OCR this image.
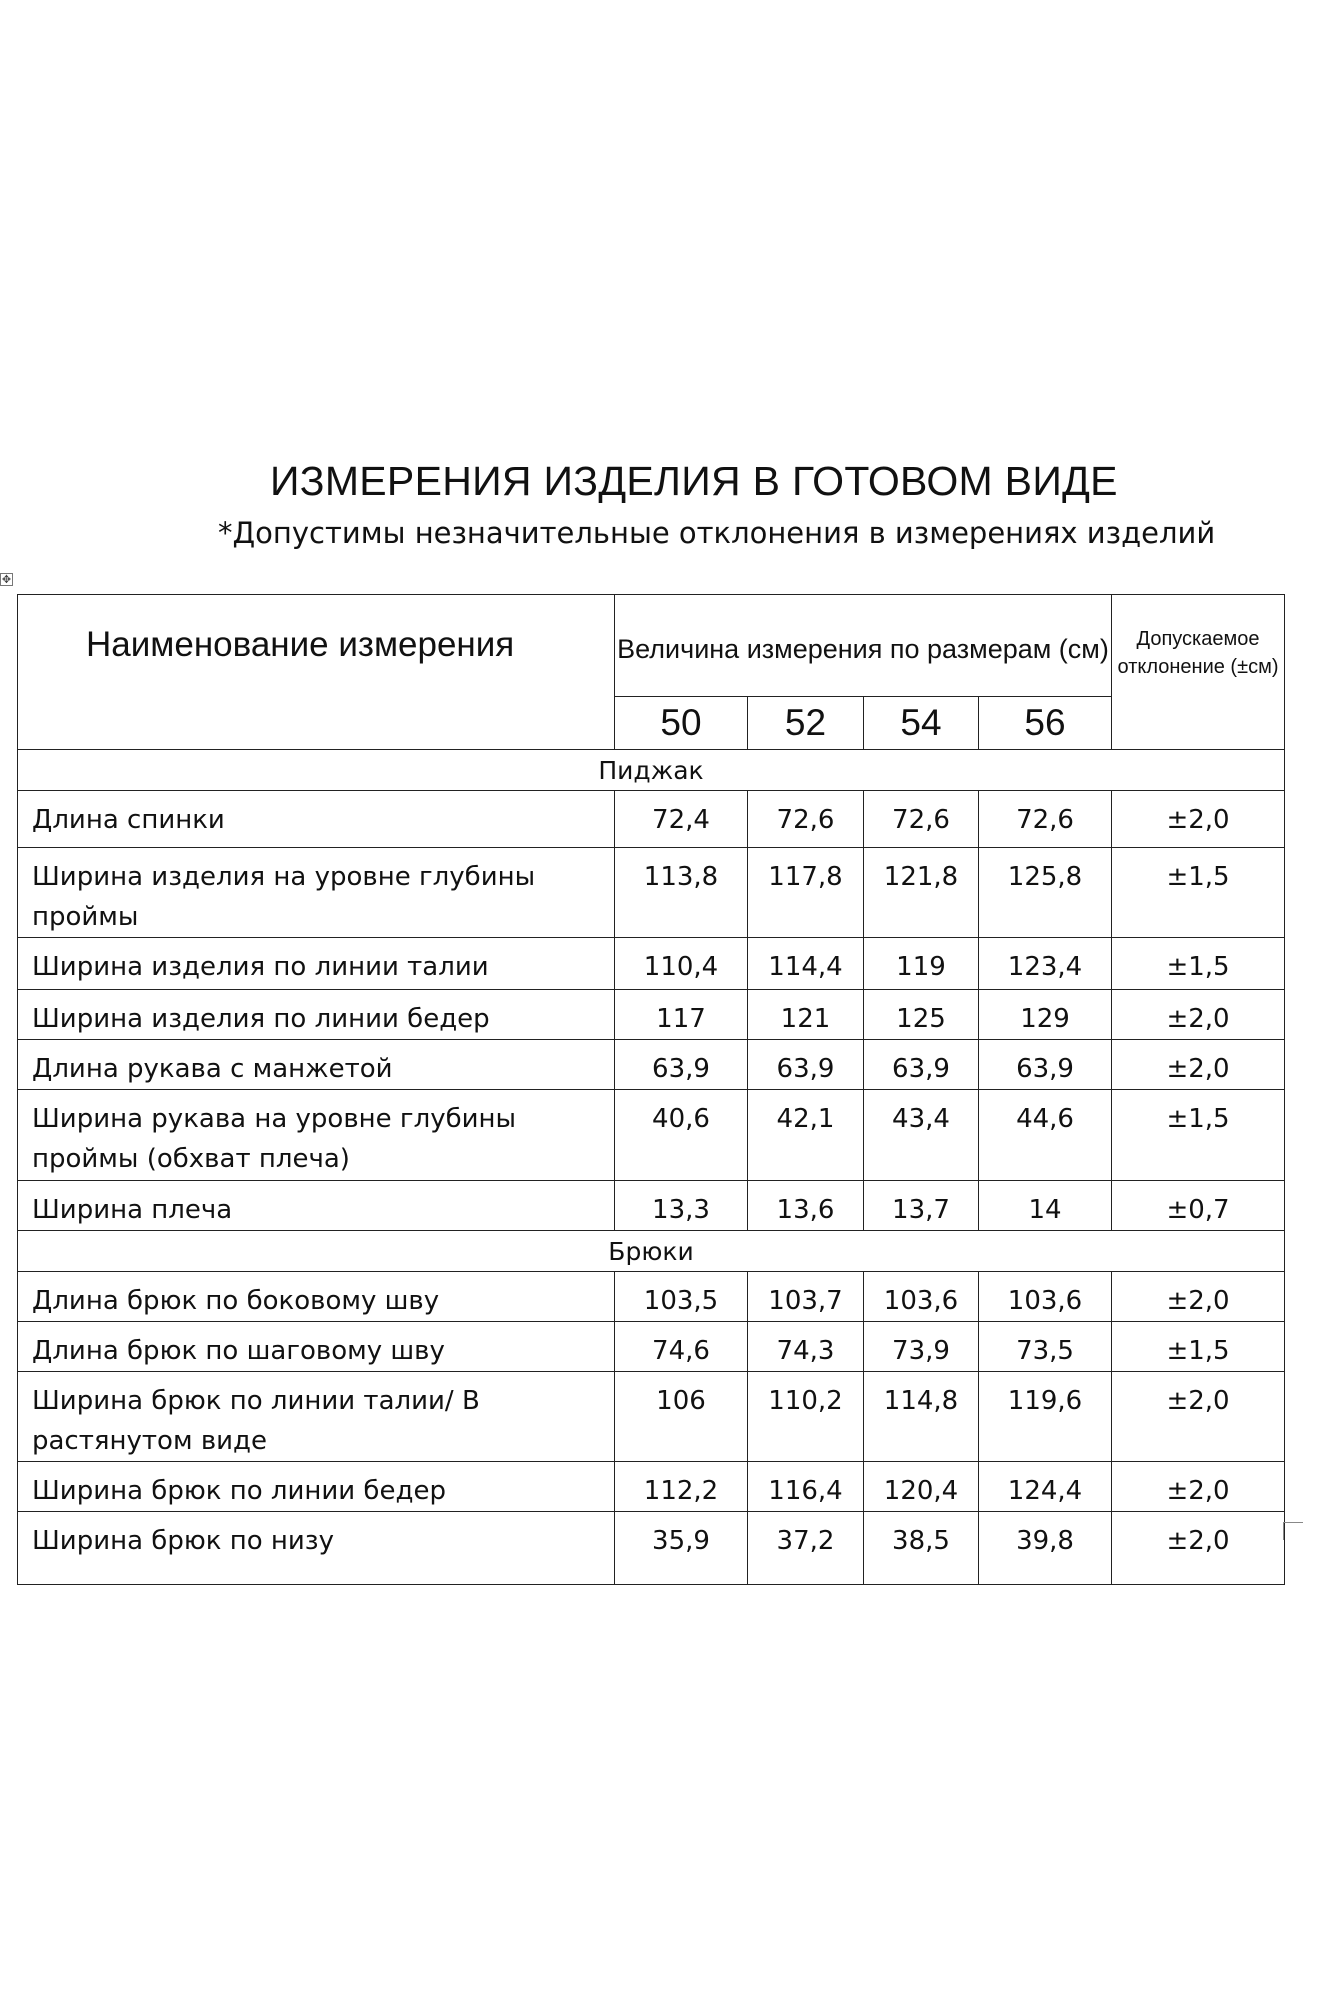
ИЗМЕРЕНИЯ ИЗДЕЛИЯ В ГОТОВОМ ВИДЕ

*Допустимы незначительные отклонения в измерениях изделий

✥
Наименование измерения	Величина измерения по размерам (см)				Допускаемое отклонение (±см)
	50	52	54	56	
Пиджак					
Длина спинки	72,4	72,6	72,6	72,6	±2,0
Ширина изделия на уровне глубины проймы	113,8	117,8	121,8	125,8	±1,5
Ширина изделия по линии талии	110,4	114,4	119	123,4	±1,5
Ширина изделия по линии бедер	117	121	125	129	±2,0
Длина рукава с манжетой	63,9	63,9	63,9	63,9	±2,0
Ширина рукава на уровне глубины проймы (обхват плеча)	40,6	42,1	43,4	44,6	±1,5
Ширина плеча	13,3	13,6	13,7	14	±0,7
Брюки					
Длина брюк по боковому шву	103,5	103,7	103,6	103,6	±2,0
Длина брюк по шаговому шву	74,6	74,3	73,9	73,5	±1,5
Ширина брюк по линии талии/ В растянутом виде	106	110,2	114,8	119,6	±2,0
Ширина брюк по линии бедер	112,2	116,4	120,4	124,4	±2,0
Ширина брюк по низу	35,9	37,2	38,5	39,8	±2,0
